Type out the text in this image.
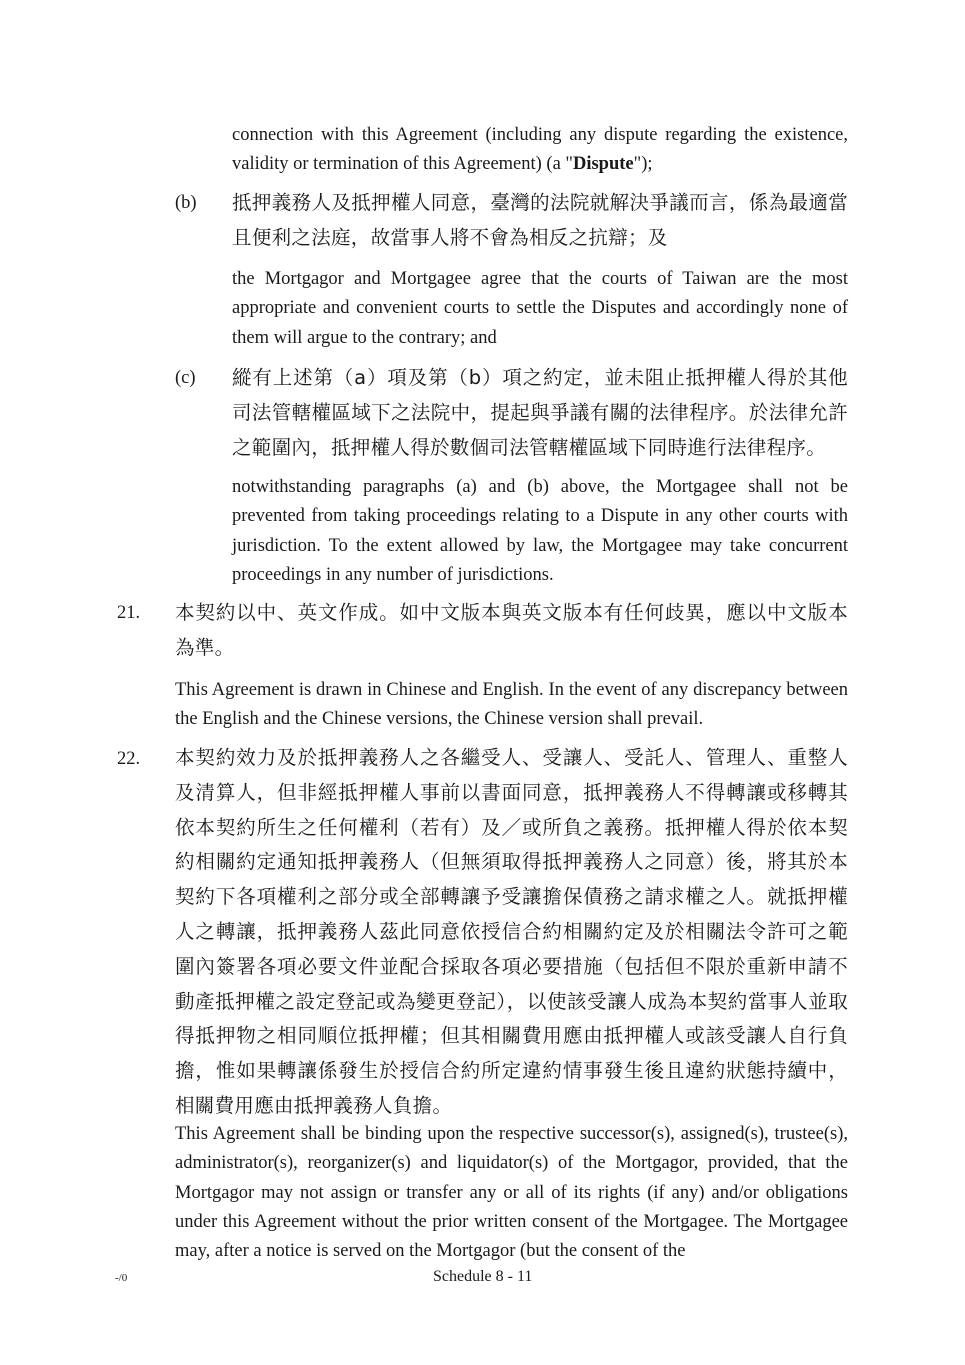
connection with this Agreement (including any dispute regarding the existence, validity or termination of this Agreement) (a "Dispute");

(b) 抵押義務人及抵押權人同意，臺灣的法院就解決爭議而言，係為最適當且便利之法庭，故當事人將不會為相反之抗辯；及

the Mortgagor and Mortgagee agree that the courts of Taiwan are the most appropriate and convenient courts to settle the Disputes and accordingly none of them will argue to the contrary; and

(c) 縱有上述第（a）項及第（b）項之約定，並未阻止抵押權人得於其他司法管轄權區域下之法院中，提起與爭議有關的法律程序。於法律允許之範圍內，抵押權人得於數個司法管轄權區域下同時進行法律程序。

notwithstanding paragraphs (a) and (b) above, the Mortgagee shall not be prevented from taking proceedings relating to a Dispute in any other courts with jurisdiction. To the extent allowed by law, the Mortgagee may take concurrent proceedings in any number of jurisdictions.

21. 本契約以中、英文作成。如中文版本與英文版本有任何歧異，應以中文版本為準。

This Agreement is drawn in Chinese and English. In the event of any discrepancy between the English and the Chinese versions, the Chinese version shall prevail.

22. 本契約效力及於抵押義務人之各繼受人、受讓人、受託人、管理人、重整人及清算人，但非經抵押權人事前以書面同意，抵押義務人不得轉讓或移轉其依本契約所生之任何權利（若有）及／或所負之義務。抵押權人得於依本契約相關約定通知抵押義務人（但無須取得抵押義務人之同意）後，將其於本契約下各項權利之部分或全部轉讓予受讓擔保債務之請求權之人。就抵押權人之轉讓，抵押義務人茲此同意依授信合約相關約定及於相關法令許可之範圍內簽署各項必要文件並配合採取各項必要措施（包括但不限於重新申請不動產抵押權之設定登記或為變更登記），以使該受讓人成為本契約當事人並取得抵押物之相同順位抵押權；但其相關費用應由抵押權人或該受讓人自行負擔，惟如果轉讓係發生於授信合約所定違約情事發生後且違約狀態持續中，相關費用應由抵押義務人負擔。

This Agreement shall be binding upon the respective successor(s), assigned(s), trustee(s), administrator(s), reorganizer(s) and liquidator(s) of the Mortgagor, provided, that the Mortgagor may not assign or transfer any or all of its rights (if any) and/or obligations under this Agreement without the prior written consent of the Mortgagee. The Mortgagee may, after a notice is served on the Mortgagor (but the consent of the

-/0	Schedule 8 - 11
